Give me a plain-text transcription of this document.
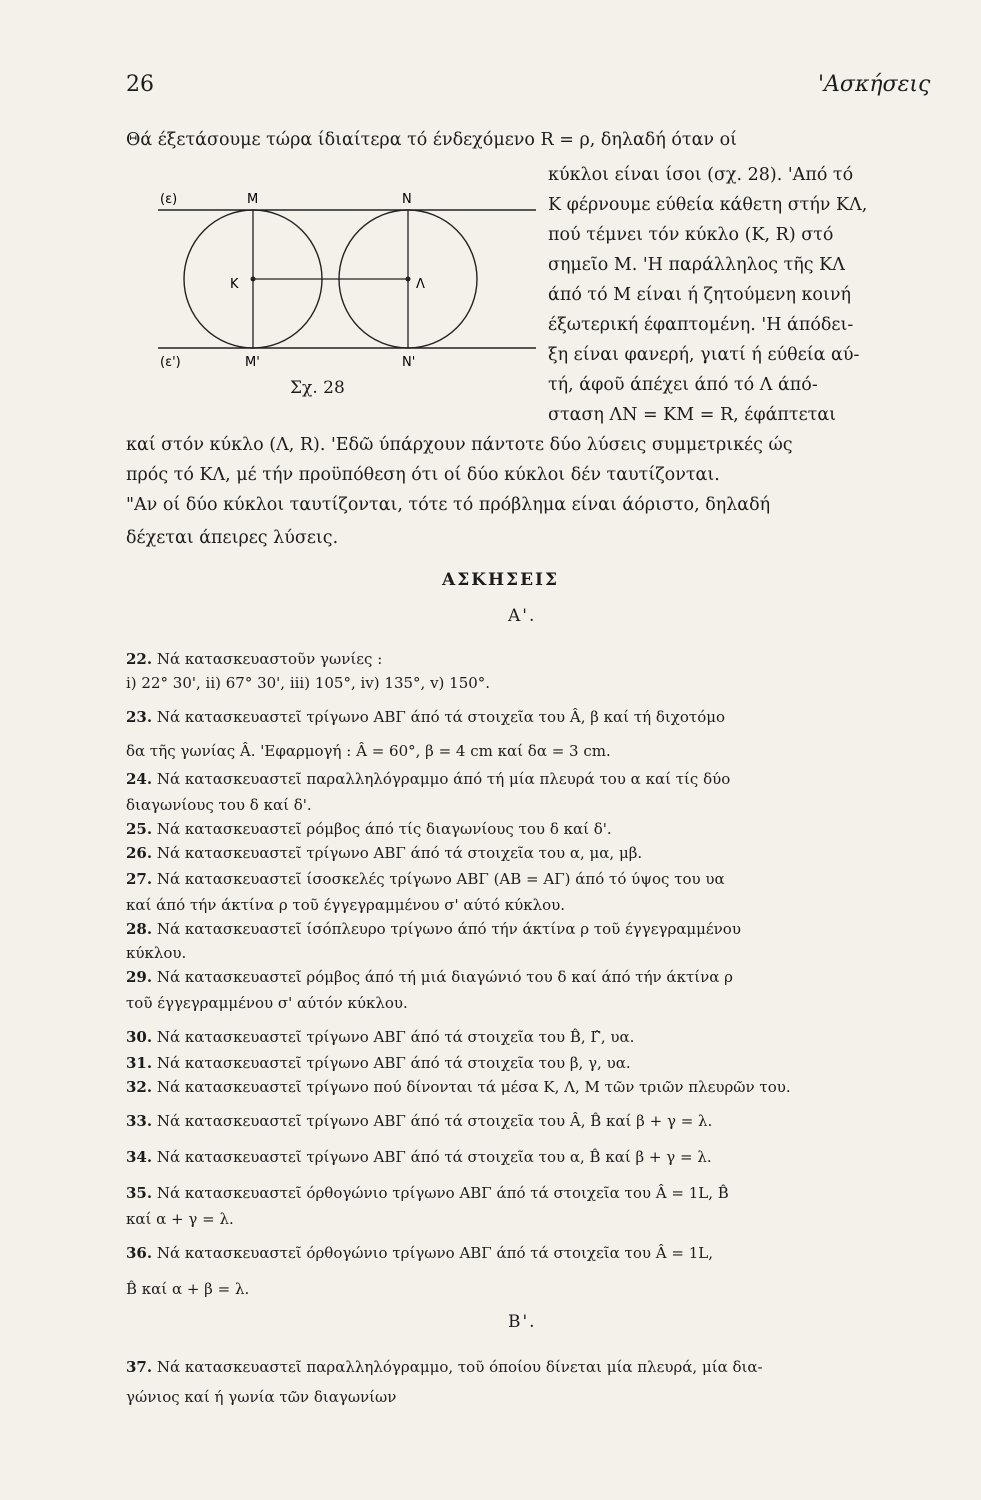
26	'Ασκήσεις
Θά έξετάσουμε τώρα ίδιαίτερα τό ένδεχόμενο R = ρ, δηλαδή όταν οί
κύκλοι είναι ίσοι (σχ. 28). 'Από τό
Κ φέρνουμε εύθεία κάθετη στήν ΚΛ,
πού τέμνει τόν κύκλο (Κ, R) στό
σημεῖο Μ. 'Η παράλληλος τῆς ΚΛ
άπό τό Μ είναι ή ζητούμενη κοινή
έξωτερική έφαπτομένη. 'Η άπόδει-
ξη είναι φανερή, γιατί ή εύθεία αύ-
τή, άφοῦ άπέχει άπό τό Λ άπό-
σταση ΛΝ = ΚΜ = R, έφάπτεται
(ε)	Μ	Ν
Κ	Λ
(ε')	Μ'	Ν'
Σχ. 28
καί στόν κύκλο (Λ, R). 'Εδῶ ύπάρχουν πάντοτε δύο λύσεις συμμετρικές ώς
πρός τό ΚΛ, μέ τήν προϋπόθεση ότι οί δύο κύκλοι δέν ταυτίζονται.
"Αν οί δύο κύκλοι ταυτίζονται, τότε τό πρόβλημα είναι άόριστο, δηλαδή
δέχεται άπειρες λύσεις.
ΑΣΚΗΣΕΙΣ
Α'.
22. Νά κατασκευαστοῦν γωνίες :
i) 22° 30', ii) 67° 30', iii) 105°, iv) 135°, v) 150°.
23. Νά κατασκευαστεῖ τρίγωνο ΑΒΓ άπό τά στοιχεῖα του Â, β καί τή διχοτόμο
δα τῆς γωνίας Â. 'Εφαρμογή : Â = 60°, β = 4 cm καί δα = 3 cm.
24. Νά κατασκευαστεῖ παραλληλόγραμμο άπό τή μία πλευρά του α καί τίς δύο
διαγωνίους του δ καί δ'.
25. Νά κατασκευαστεῖ ρόμβος άπό τίς διαγωνίους του δ καί δ'.
26. Νά κατασκευαστεῖ τρίγωνο ΑΒΓ άπό τά στοιχεῖα του α, μα, μβ.
27. Νά κατασκευαστεῖ ίσοσκελές τρίγωνο ΑΒΓ (ΑΒ = ΑΓ) άπό τό ύψος του υα
καί άπό τήν άκτίνα ρ τοῦ έγγεγραμμένου σ' αύτό κύκλου.
28. Νά κατασκευαστεῖ ίσόπλευρο τρίγωνο άπό τήν άκτίνα ρ τοῦ έγγεγραμμένου
κύκλου.
29. Νά κατασκευαστεῖ ρόμβος άπό τή μιά διαγώνιό του δ καί άπό τήν άκτίνα ρ
τοῦ έγγεγραμμένου σ' αύτόν κύκλου.
30. Νά κατασκευαστεῖ τρίγωνο ΑΒΓ άπό τά στοιχεῖα του B̂, Γ̂, υα.
31. Νά κατασκευαστεῖ τρίγωνο ΑΒΓ άπό τά στοιχεῖα του β, γ, υα.
32. Νά κατασκευαστεῖ τρίγωνο πού δίνονται τά μέσα Κ, Λ, Μ τῶν τριῶν πλευρῶν του.
33. Νά κατασκευαστεῖ τρίγωνο ΑΒΓ άπό τά στοιχεῖα του Â, B̂ καί β + γ = λ.
34. Νά κατασκευαστεῖ τρίγωνο ΑΒΓ άπό τά στοιχεῖα του α, B̂ καί β + γ = λ.
35. Νά κατασκευαστεῖ όρθογώνιο τρίγωνο ΑΒΓ άπό τά στοιχεῖα του Â = 1L, B̂
καί α + γ = λ.
36. Νά κατασκευαστεῖ όρθογώνιο τρίγωνο ΑΒΓ άπό τά στοιχεῖα του Â = 1L,
B̂ καί α + β = λ.
Β'.
37. Νά κατασκευαστεῖ παραλληλόγραμμο, τοῦ όποίου δίνεται μία πλευρά, μία δια-
γώνιος καί ή γωνία τῶν διαγωνίων
